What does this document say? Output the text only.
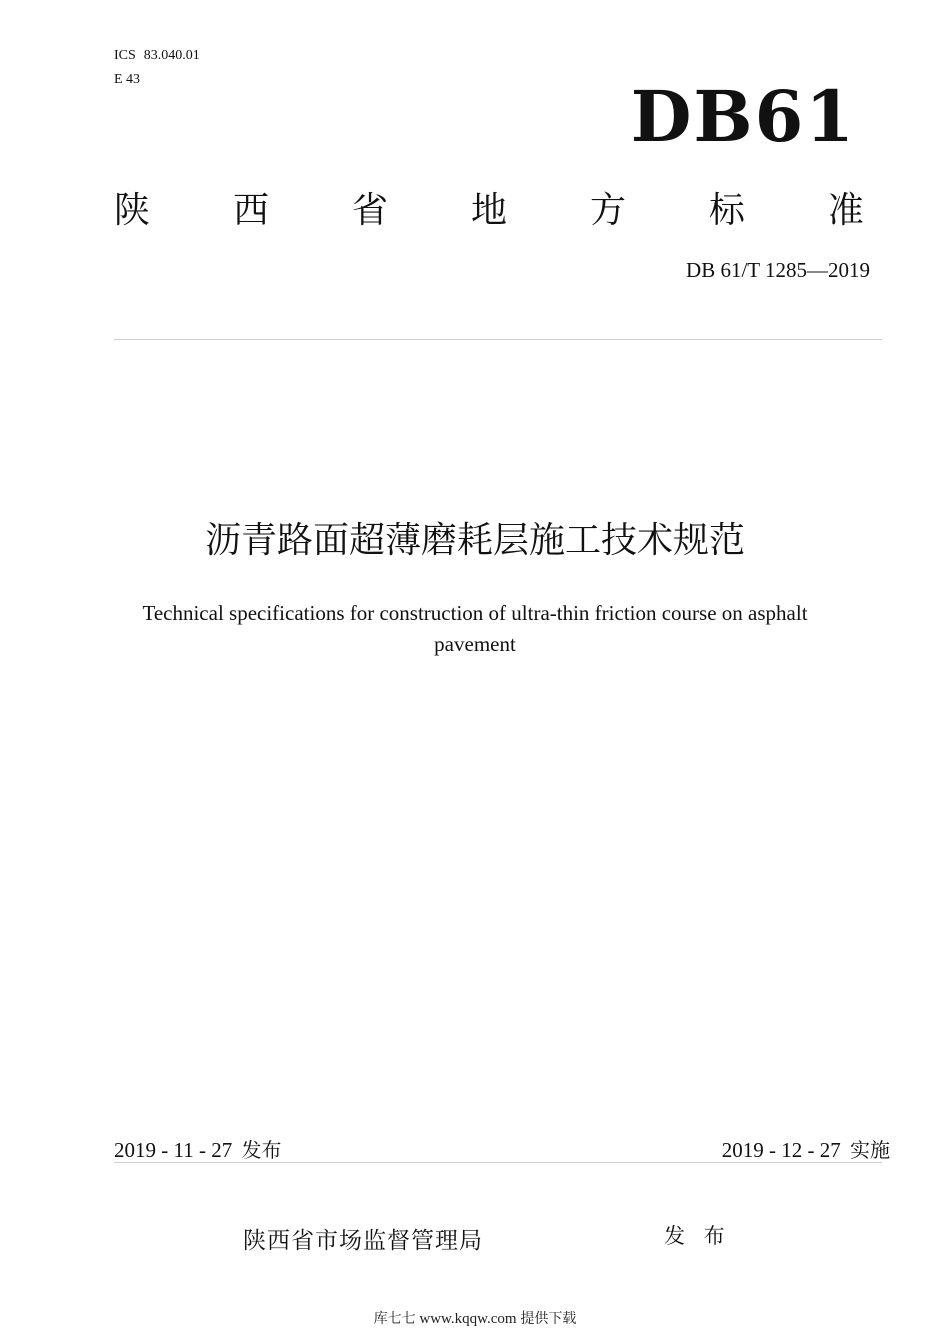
ICS 83.040.01
E 43	DB61
陕 西 省 地 方 标 准
DB 61/T 1285—2019
沥青路面超薄磨耗层施工技术规范
Technical specifications for construction of ultra-thin friction course on asphalt
pavement
2019 - 11 - 27 发布	2019 - 12 - 27 实施
陕西省市场监督管理局	发 布
库七七 www.kqqw.com 提供下载
